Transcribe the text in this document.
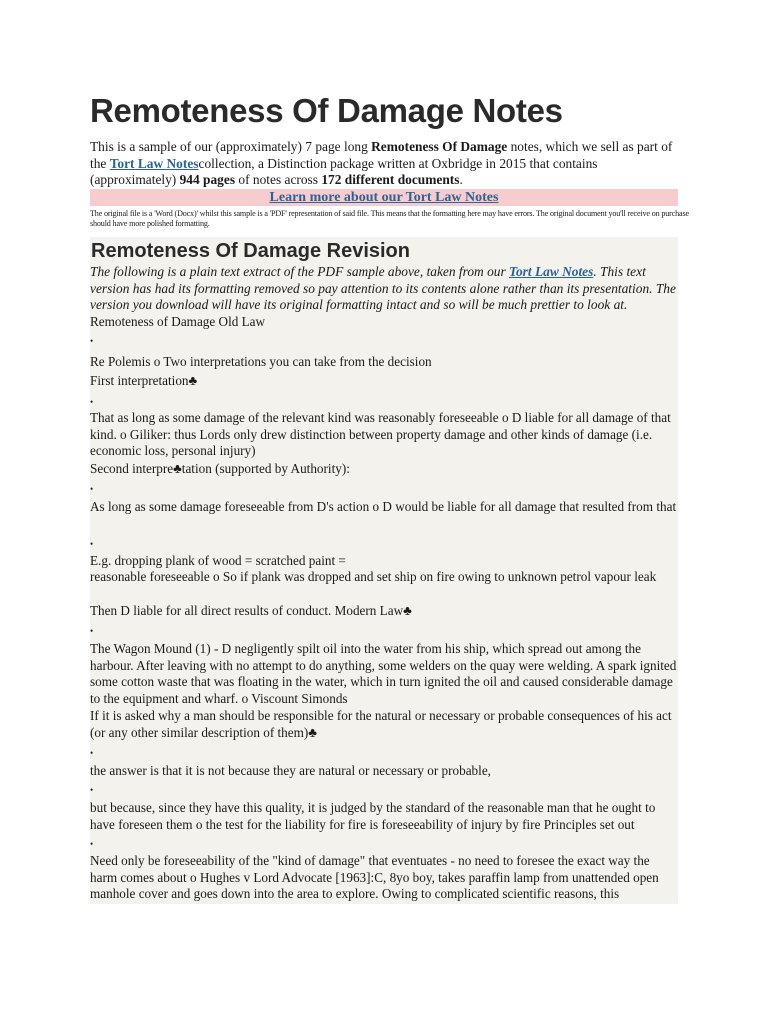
Remoteness Of Damage Notes
This is a sample of our (approximately) 7 page long Remoteness Of Damage notes, which we sell as part of the Tort Law Notescollection, a Distinction package written at Oxbridge in 2015 that contains (approximately) 944 pages of notes across 172 different documents.
Learn more about our Tort Law Notes
The original file is a 'Word (Docx)' whilst this sample is a 'PDF' representation of said file. This means that the formatting here may have errors. The original document you'll receive on purchase should have more polished formatting.
Remoteness Of Damage Revision
The following is a plain text extract of the PDF sample above, taken from our Tort Law Notes. This text version has had its formatting removed so pay attention to its contents alone rather than its presentation. The version you download will have its original formatting intact and so will be much prettier to look at.
Remoteness of Damage Old Law
•
Re Polemis o Two interpretations you can take from the decision
First interpretation♣
•
That as long as some damage of the relevant kind was reasonably foreseeable o D liable for all damage of that kind. o Giliker: thus Lords only drew distinction between property damage and other kinds of damage (i.e. economic loss, personal injury)
Second interpre♣tation (supported by Authority):
•
As long as some damage foreseeable from D's action o D would be liable for all damage that resulted from that
•
E.g. dropping plank of wood = scratched paint =
reasonable foreseeable o So if plank was dropped and set ship on fire owing to unknown petrol vapour leak
Then D liable for all direct results of conduct. Modern Law♣
•
The Wagon Mound (1) - D negligently spilt oil into the water from his ship, which spread out among the harbour. After leaving with no attempt to do anything, some welders on the quay were welding. A spark ignited some cotton waste that was floating in the water, which in turn ignited the oil and caused considerable damage to the equipment and wharf. o Viscount Simonds
If it is asked why a man should be responsible for the natural or necessary or probable consequences of his act (or any other similar description of them)♣
•
the answer is that it is not because they are natural or necessary or probable,
•
but because, since they have this quality, it is judged by the standard of the reasonable man that he ought to have foreseen them o the test for the liability for fire is foreseeability of injury by fire Principles set out
•
Need only be foreseeability of the "kind of damage" that eventuates - no need to foresee the exact way the harm comes about o Hughes v Lord Advocate [1963]:C, 8yo boy, takes paraffin lamp from unattended open manhole cover and goes down into the area to explore. Owing to complicated scientific reasons, this
